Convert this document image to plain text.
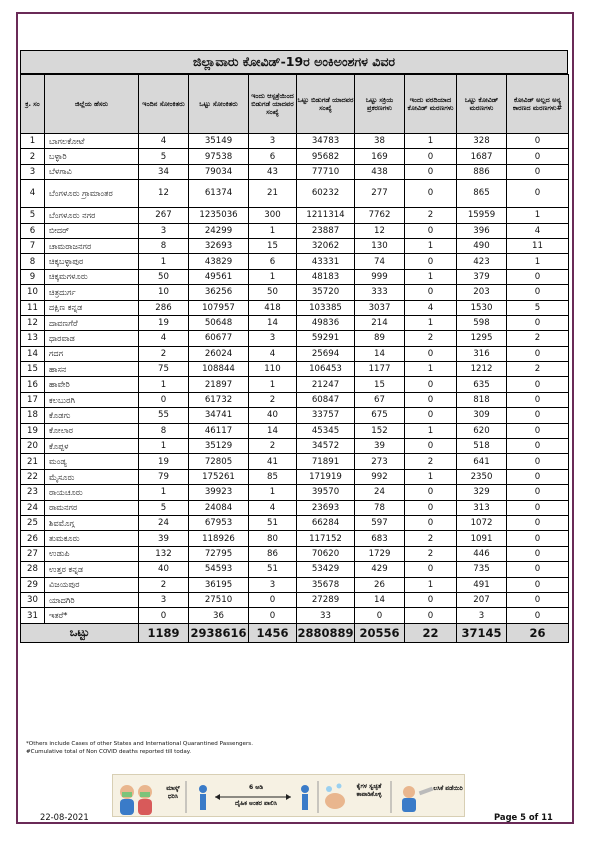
ಜಿಲ್ಲಾವಾರು ಕೋವಿಡ್-19ರ ಅಂಕಿಅಂಶಗಳ ವಿವರ
ಕ್ರ. ಸಂ	ಜಿಲ್ಲೆಯ ಹೆಸರು	ಇಂದಿನ ಸೋಂಕಿತರು	ಒಟ್ಟು ಸೋಂಕಿತರು	ಇಂದು ಆಸ್ಪತ್ರೆಯಿಂದ ಬಿಡುಗಡೆ ಯಾದವರ ಸಂಖ್ಯೆ	ಒಟ್ಟು ಬಿಡುಗಡೆ ಯಾದವರ ಸಂಖ್ಯೆ	ಒಟ್ಟು ಸಕ್ರಿಯ ಪ್ರಕರಣಗಳು	ಇಂದು ವರದಿಯಾದ ಕೋವಿಡ್ ಮರಣಗಳು	ಒಟ್ಟು ಕೋವಿಡ್ ಮರಣಗಳು	ಕೋವಿಡ್ ಅಲ್ಲದ ಅನ್ಯ ಕಾರಣದ ಮರಣಗಳು#
1	ಬಾಗಲಕೋಟೆ	4	35149	3	34783	38	1	328	0
2	ಬಳ್ಳಾರಿ	5	97538	6	95682	169	0	1687	0
3	ಬೆಳಗಾವಿ	34	79034	43	77710	438	0	886	0
4	ಬೆಂಗಳೂರು ಗ್ರಾಮಾಂತರ	12	61374	21	60232	277	0	865	0
5	ಬೆಂಗಳೂರು ನಗರ	267	1235036	300	1211314	7762	2	15959	1
6	ಬೀದರ್	3	24299	1	23887	12	0	396	4
7	ಚಾಮರಾಜನಗರ	8	32693	15	32062	130	1	490	11
8	ಚಿಕ್ಕಬಳ್ಳಾಪುರ	1	43829	6	43331	74	0	423	1
9	ಚಿಕ್ಕಮಗಳೂರು	50	49561	1	48183	999	1	379	0
10	ಚಿತ್ರದುರ್ಗ	10	36256	50	35720	333	0	203	0
11	ದಕ್ಷಿಣ ಕನ್ನಡ	286	107957	418	103385	3037	4	1530	5
12	ದಾವಣಗೆರೆ	19	50648	14	49836	214	1	598	0
13	ಧಾರವಾಡ	4	60677	3	59291	89	2	1295	2
14	ಗದಗ	2	26024	4	25694	14	0	316	0
15	ಹಾಸನ	75	108844	110	106453	1177	1	1212	2
16	ಹಾವೇರಿ	1	21897	1	21247	15	0	635	0
17	ಕಲಬುರಗಿ	0	61732	2	60847	67	0	818	0
18	ಕೊಡಗು	55	34741	40	33757	675	0	309	0
19	ಕೋಲಾರ	8	46117	14	45345	152	1	620	0
20	ಕೊಪ್ಪಳ	1	35129	2	34572	39	0	518	0
21	ಮಂಡ್ಯ	19	72805	41	71891	273	2	641	0
22	ಮೈಸೂರು	79	175261	85	171919	992	1	2350	0
23	ರಾಯಚೂರು	1	39923	1	39570	24	0	329	0
24	ರಾಮನಗರ	5	24084	4	23693	78	0	313	0
25	ಶಿವಮೊಗ್ಗ	24	67953	51	66284	597	0	1072	0
26	ತುಮಕೂರು	39	118926	80	117152	683	2	1091	0
27	ಉಡುಪಿ	132	72795	86	70620	1729	2	446	0
28	ಉತ್ತರ ಕನ್ನಡ	40	54593	51	53429	429	0	735	0
29	ವಿಜಯಪುರ	2	36195	3	35678	26	1	491	0
30	ಯಾದಗಿರಿ	3	27510	0	27289	14	0	207	0
31	ಇತರೆ*	0	36	0	33	0	0	3	0
ಒಟ್ಟು		1189	2938616	1456	2880889	20556	22	37145	26
*Others include Cases of other States and International Quarantined Passengers.
#Cumulative total of Non COVID deaths reported till today.
ಮಾಸ್ಕ್ ಧರಿಸಿ
6 ಅಡಿ
ದೈಹಿಕ ಅಂತರ ಪಾಲಿಸಿ
ಕೈಗಳ ಸ್ವಚ್ಛತೆ ಕಾಪಾಡಿಕೊಳ್ಳಿ
ಲಸಿಕೆ ಪಡೆಯಿರಿ
22-08-2021	Page 5 of 11
